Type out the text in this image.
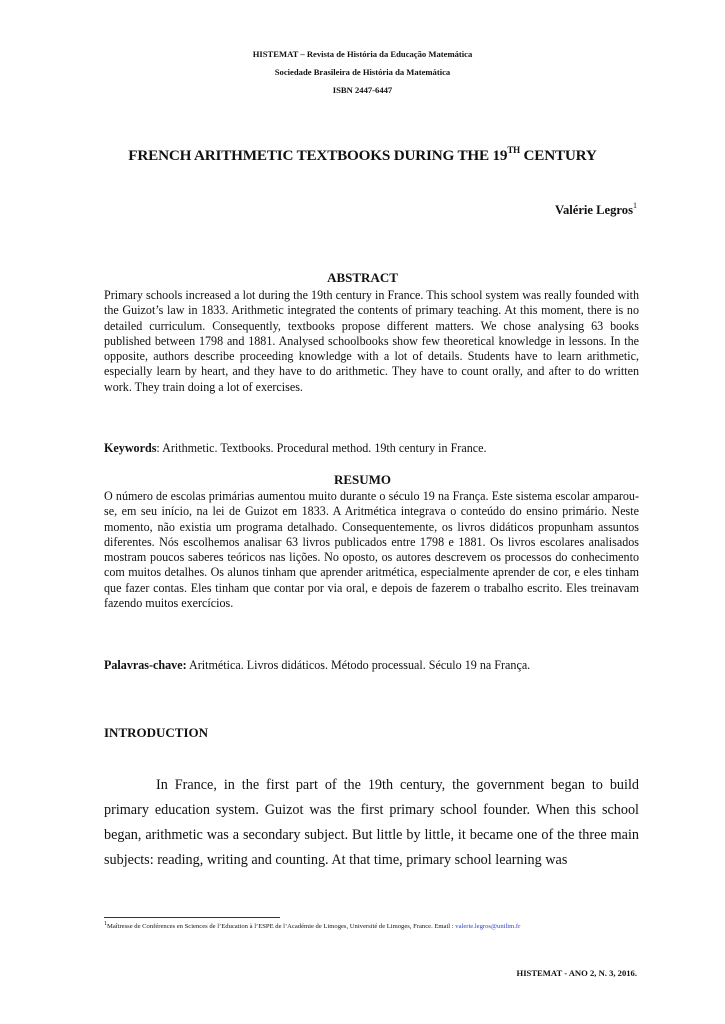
HISTEMAT – Revista de História da Educação Matemática
Sociedade Brasileira de História da Matemática
ISBN 2447-6447
FRENCH ARITHMETIC TEXTBOOKS DURING THE 19TH CENTURY
Valérie Legros$^1$
ABSTRACT

Primary schools increased a lot during the 19th century in France. This school system was really founded with the Guizot’s law in 1833. Arithmetic integrated the contents of primary teaching. At this moment, there is no detailed curriculum. Consequently, textbooks propose different matters. We chose analysing 63 books published between 1798 and 1881. Analysed schoolbooks show few theoretical knowledge in lessons. In the opposite, authors describe proceeding knowledge with a lot of details. Students have to learn arithmetic, especially learn by heart, and they have to do arithmetic. They have to count orally, and after to do written work. They train doing a lot of exercises.

Keywords: Arithmetic. Textbooks. Procedural method. 19th century in France.

RESUMO

O número de escolas primárias aumentou muito durante o século 19 na França. Este sistema escolar amparou-se, em seu início, na lei de Guizot em 1833. A Aritmética integrava o conteúdo do ensino primário. Neste momento, não existia um programa detalhado. Consequentemente, os livros didáticos propunham assuntos diferentes. Nós escolhemos analisar 63 livros publicados entre 1798 e 1881. Os livros escolares analisados mostram poucos saberes teóricos nas lições. No oposto, os autores descrevem os processos do conhecimento com muitos detalhes. Os alunos tinham que aprender aritmética, especialmente aprender de cor, e eles tinham que fazer contas. Eles tinham que contar por via oral, e depois de fazerem o trabalho escrito. Eles treinavam fazendo muitos exercícios.

Palavras-chave: Aritmética. Livros didáticos. Método processual. Século 19 na França.

INTRODUCTION

In France, in the first part of the 19th century, the government began to build primary education system. Guizot was the first primary school founder. When this school began, arithmetic was a secondary subject. But little by little, it became one of the three main subjects: reading, writing and counting. At that time, primary school learning was

$^1$Maîtresse de Conférences en Sciences de l’Education à l’ESPE de l’Académie de Limoges, Université de Limoges, France. Email : valerie.legros@unilim.fr
HISTEMAT - ANO 2, N. 3, 2016.
